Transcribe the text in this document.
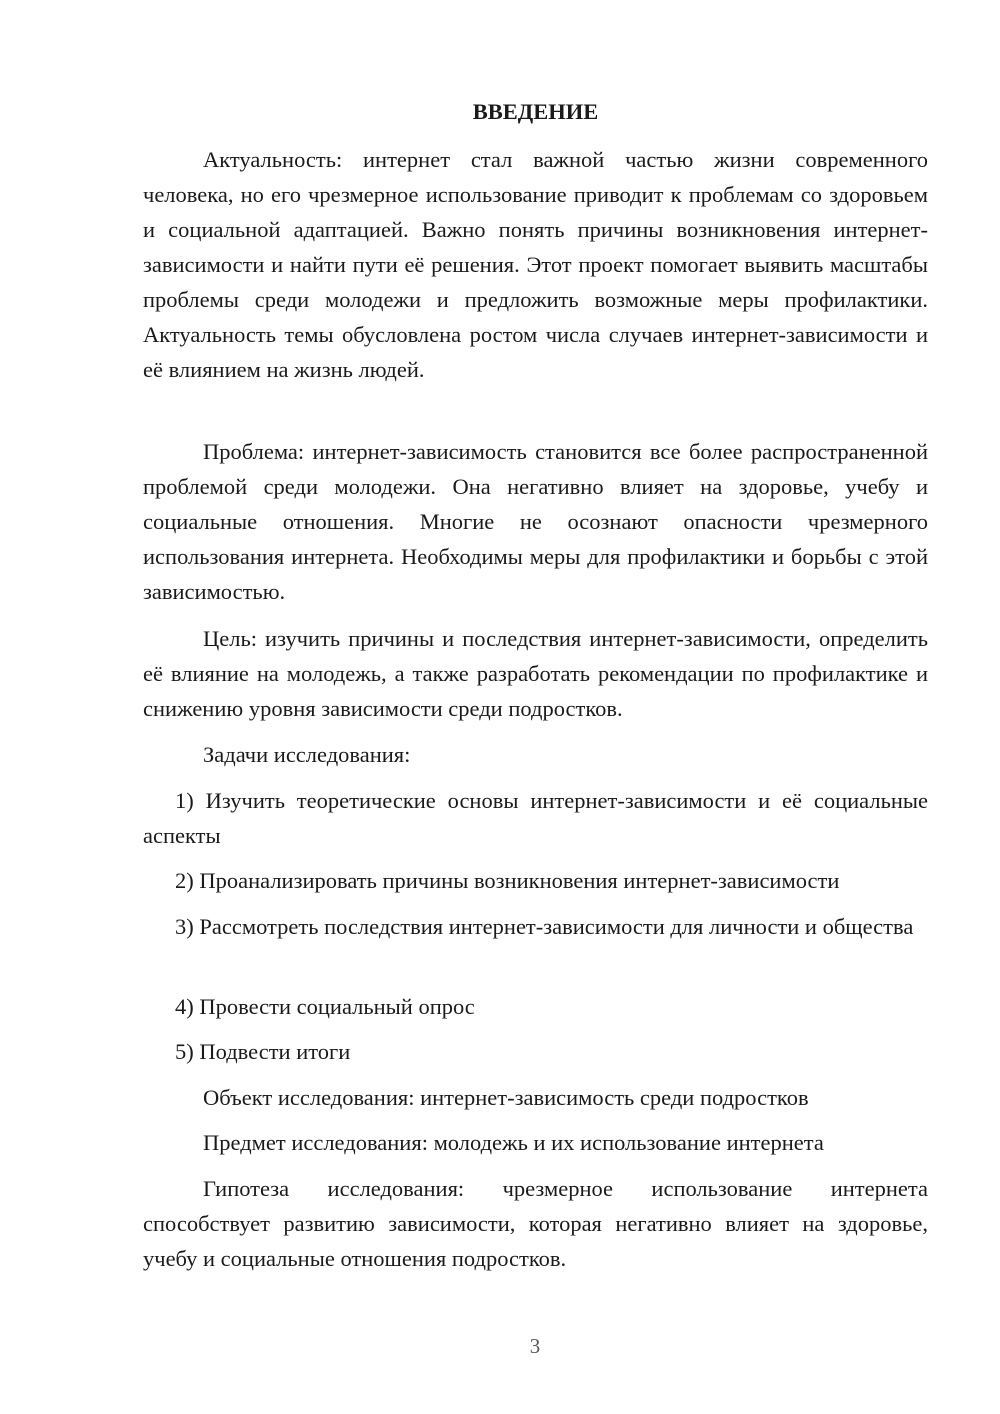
ВВЕДЕНИЕ

Актуальность: интернет стал важной частью жизни современного человека, но его чрезмерное использование приводит к проблемам со здоровьем и социальной адаптацией. Важно понять причины возникновения интернет-зависимости и найти пути её решения. Этот проект помогает выявить масштабы проблемы среди молодежи и предложить возможные меры профилактики. Актуальность темы обусловлена ростом числа случаев интернет-зависимости и её влиянием на жизнь людей.

Проблема: интернет-зависимость становится все более распространенной проблемой среди молодежи. Она негативно влияет на здоровье, учебу и социальные отношения. Многие не осознают опасности чрезмерного использования интернета. Необходимы меры для профилактики и борьбы с этой зависимостью.

Цель: изучить причины и последствия интернет-зависимости, определить её влияние на молодежь, а также разработать рекомендации по профилактике и снижению уровня зависимости среди подростков.

Задачи исследования:

1) Изучить теоретические основы интернет-зависимости и её социальные аспекты

2) Проанализировать причины возникновения интернет-зависимости

3) Рассмотреть последствия интернет-зависимости для личности и общества

4) Провести социальный опрос

5) Подвести итоги

Объект исследования: интернет-зависимость среди подростков

Предмет исследования: молодежь и их использование интернета

Гипотеза исследования: чрезмерное использование интернета способствует развитию зависимости, которая негативно влияет на здоровье, учебу и социальные отношения подростков.

3
